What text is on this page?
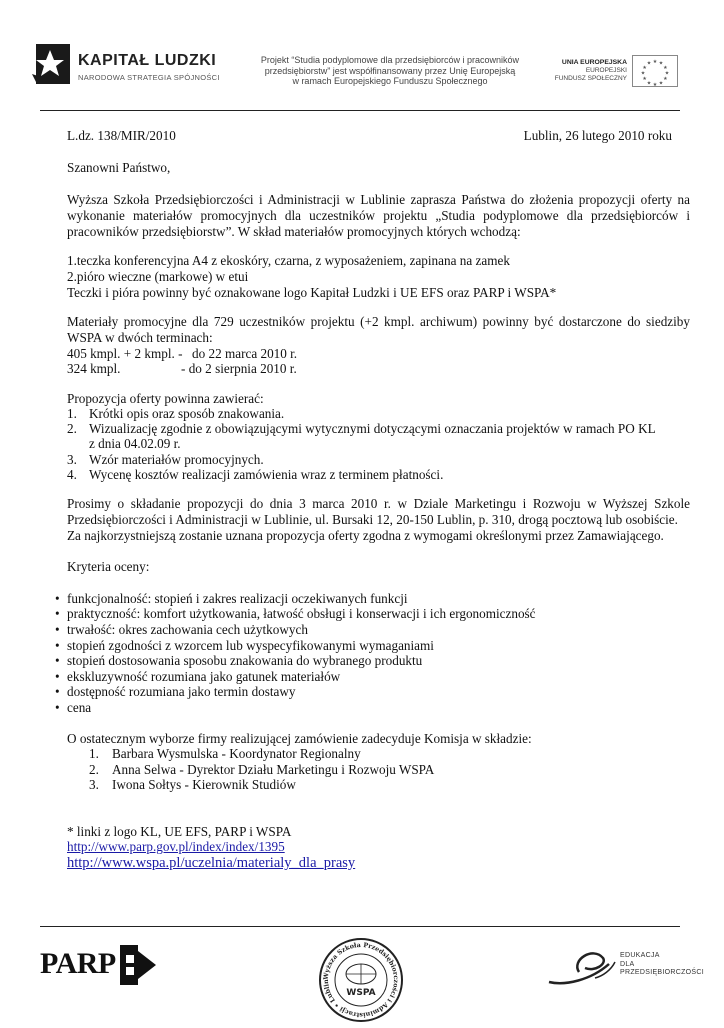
KAPITAŁ LUDZKI
NARODOWA STRATEGIA SPÓJNOŚCI
Projekt “Studia podyplomowe dla przedsiębiorców i pracowników
przedsiębiorstw” jest współfinansowany przez Unię Europejską
w ramach Europejskiego Funduszu Społecznego
UNIA EUROPEJSKA
EUROPEJSKI
FUNDUSZ SPOŁECZNY
★ ★
★
★
★
★
★
★
★
★
★
★
L.dz. 138/MIR/2010	Lublin, 26 lutego 2010 roku
Szanowni Państwo,
Wyższa Szkoła Przedsiębiorczości i Administracji w Lublinie zaprasza Państwa do złożenia propozycji oferty na wykonanie materiałów promocyjnych dla uczestników projektu „Studia podyplomowe dla przedsiębiorców i pracowników przedsiębiorstw”. W skład materiałów promocyjnych których wchodzą:
1.teczka konferencyjna A4 z ekoskóry, czarna, z wyposażeniem, zapinana na zamek
2.pióro wieczne (markowe) w etui
Teczki i pióra powinny być oznakowane logo Kapitał Ludzki i UE EFS oraz PARP i WSPA*
Materiały promocyjne dla 729 uczestników projektu (+2 kmpl. archiwum) powinny być dostarczone do siedziby WSPA w dwóch terminach:
405 kmpl. + 2 kmpl. - do 22 marca 2010 r.
324 kmpl.	- do 2 sierpnia 2010 r.
Propozycja oferty powinna zawierać:
1. Krótki opis oraz sposób znakowania.
2. Wizualizację zgodnie z obowiązującymi wytycznymi dotyczącymi oznaczania projektów w ramach PO KL
z dnia 04.02.09 r.
3. Wzór materiałów promocyjnych.
4. Wycenę kosztów realizacji zamówienia wraz z terminem płatności.
Prosimy o składanie propozycji do dnia 3 marca 2010 r. w Dziale Marketingu i Rozwoju w Wyższej Szkole Przedsiębiorczości i Administracji w Lublinie, ul. Bursaki 12, 20-150 Lublin, p. 310, drogą pocztową lub osobiście.
Za najkorzystniejszą zostanie uznana propozycja oferty zgodna z wymogami określonymi przez Zamawiającego.
Kryteria oceny:
• funkcjonalność: stopień i zakres realizacji oczekiwanych funkcji
• praktyczność: komfort użytkowania, łatwość obsługi i konserwacji i ich ergonomiczność
• trwałość: okres zachowania cech użytkowych
• stopień zgodności z wzorcem lub wyspecyfikowanymi wymaganiami
• stopień dostosowania sposobu znakowania do wybranego produktu
• ekskluzywność rozumiana jako gatunek materiałów
• dostępność rozumiana jako termin dostawy
• cena
O ostatecznym wyborze firmy realizującej zamówienie zadecyduje Komisja w składzie:
1. Barbara Wysmulska - Koordynator Regionalny
2. Anna Selwa - Dyrektor Działu Marketingu i Rozwoju WSPA
3. Iwona Sołtys - Kierownik Studiów
* linki z logo KL, UE EFS, PARP i WSPA
http://www.parp.gov.pl/index/index/1395
http://www.wspa.pl/uczelnia/materialy_dla_prasy
PARP	Wyższa Szkoła Przedsiębiorczości i Administracji • Lublin
WSPA
EDUKACJA
DLA
PRZEDSIĘBIORCZOŚCI
